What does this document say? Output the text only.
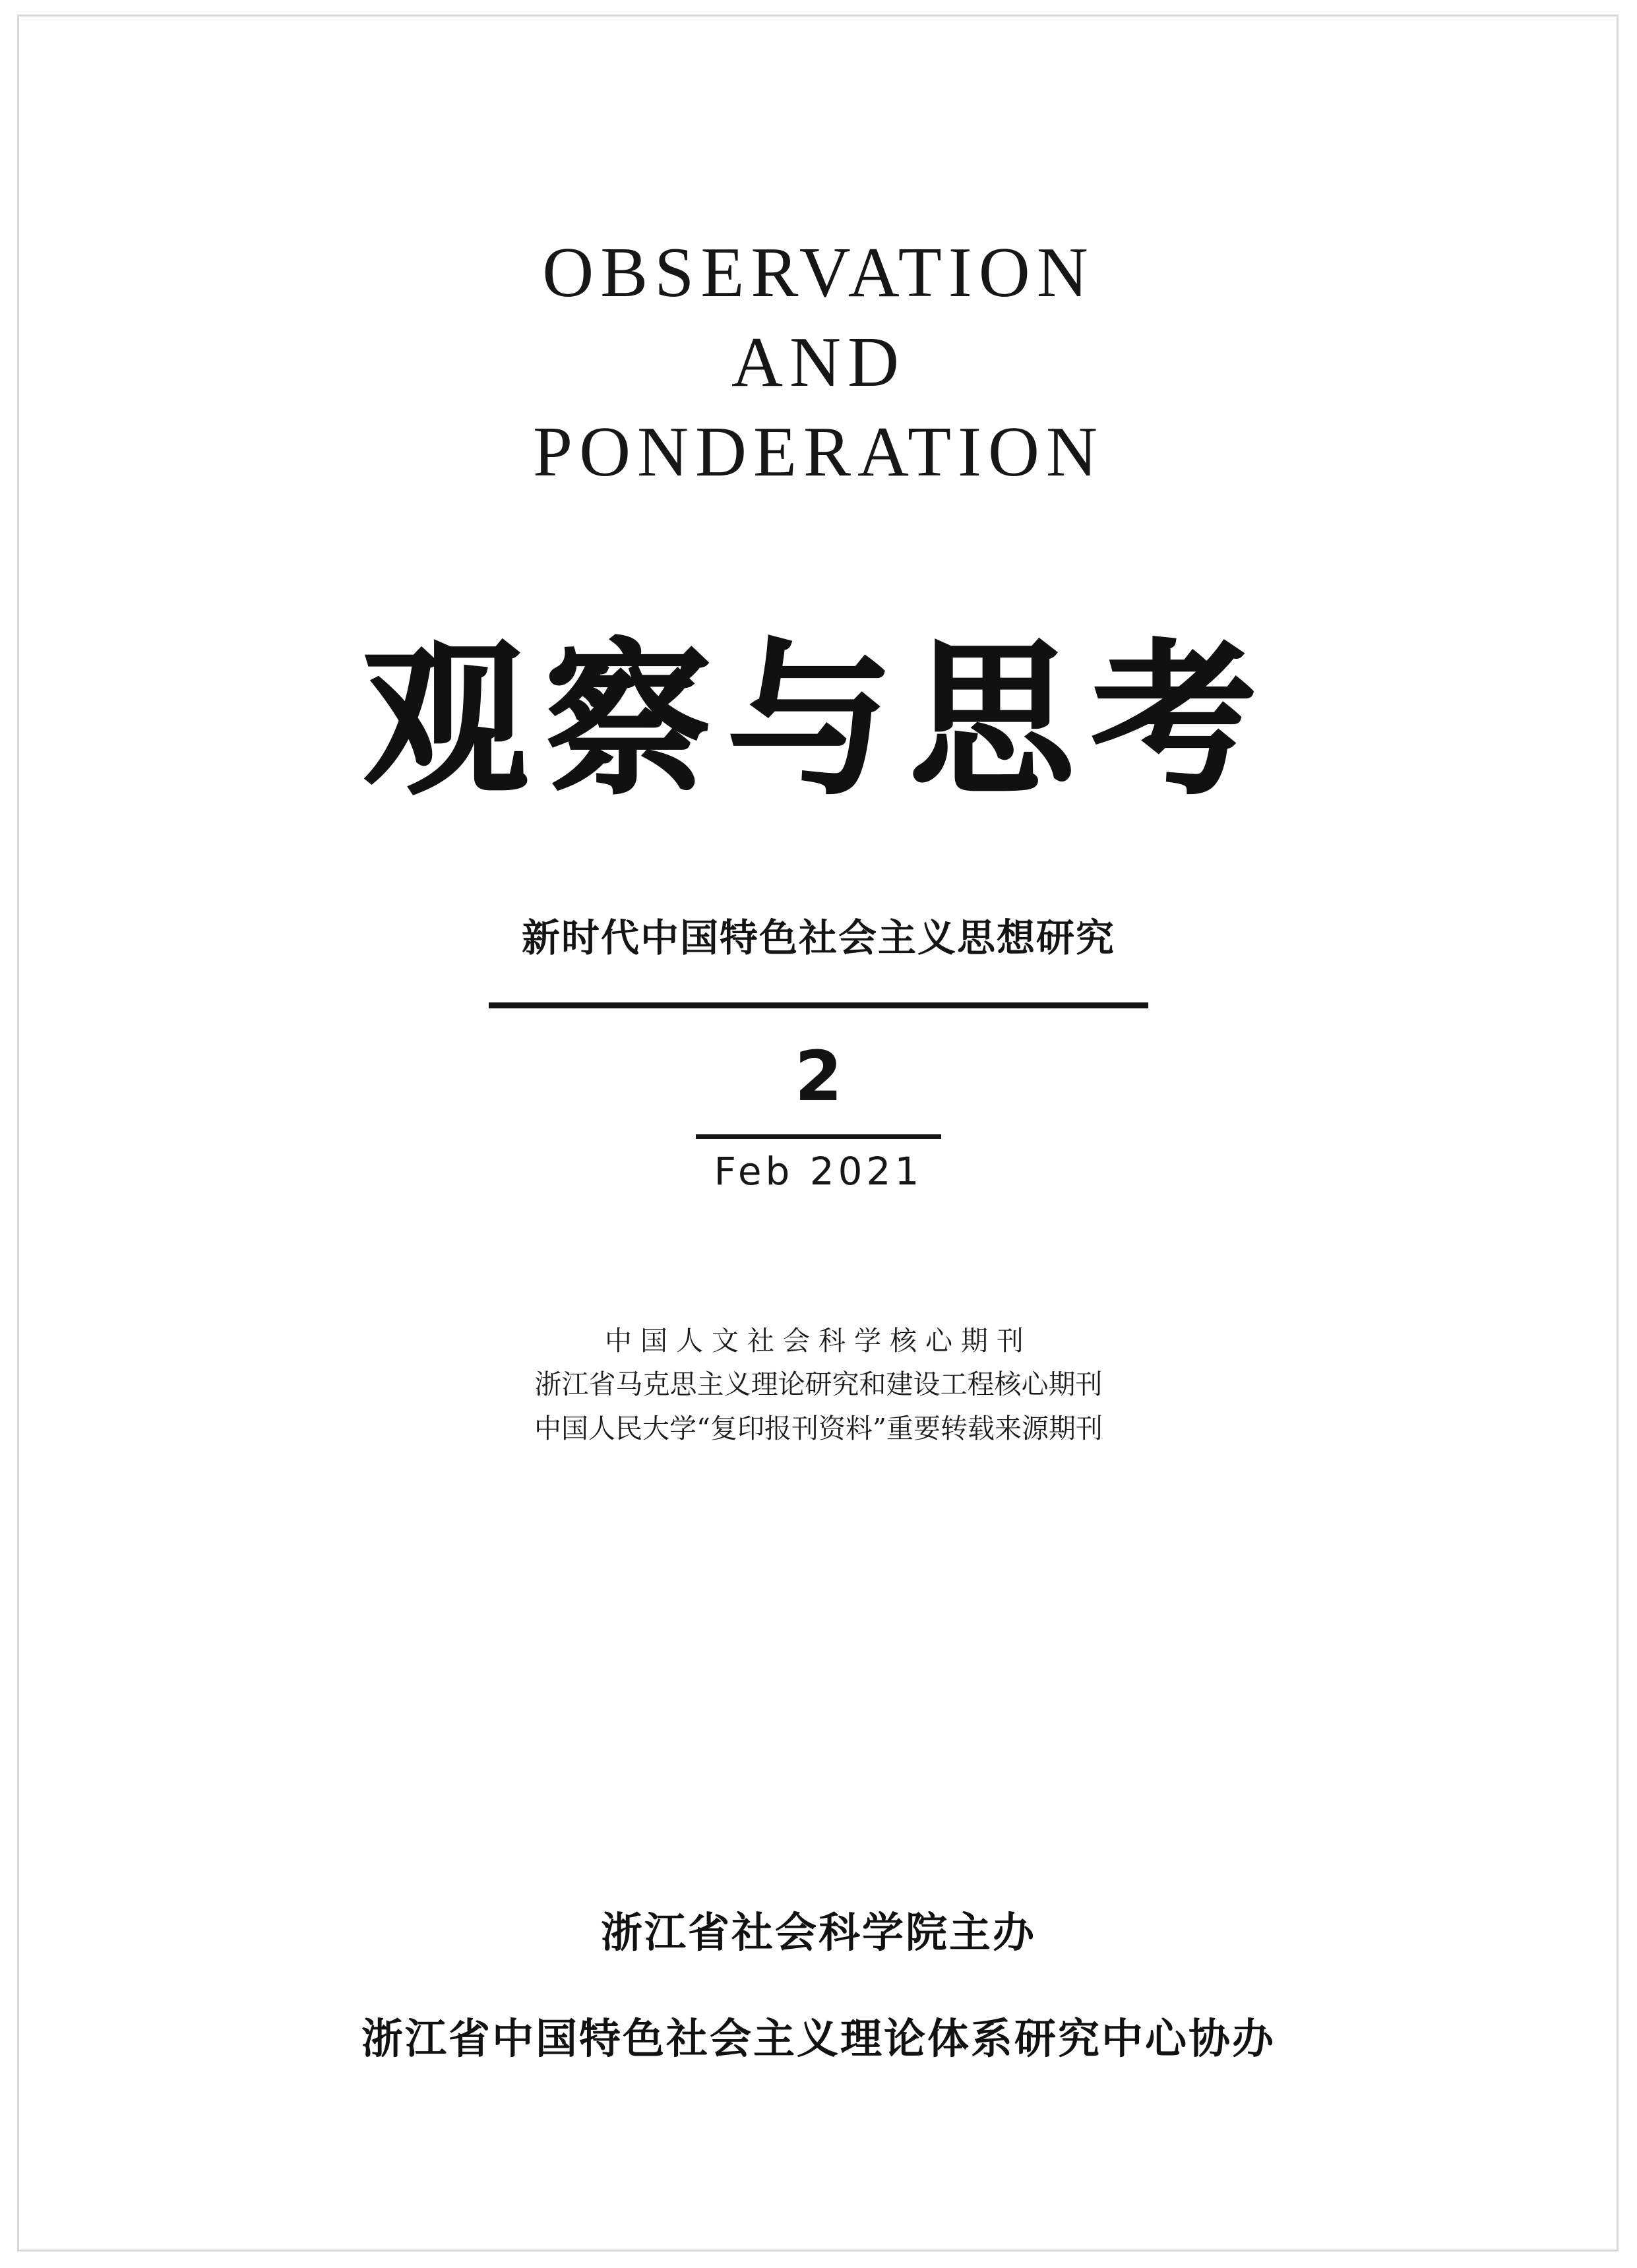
OBSERVATION
AND
PONDERATION
观察与思考
新时代中国特色社会主义思想研究
2
Feb 2021
中国人文社会科学核心期刊
浙江省马克思主义理论研究和建设工程核心期刊
中国人民大学“复印报刊资料”重要转载来源期刊
浙江省社会科学院主办
浙江省中国特色社会主义理论体系研究中心协办
